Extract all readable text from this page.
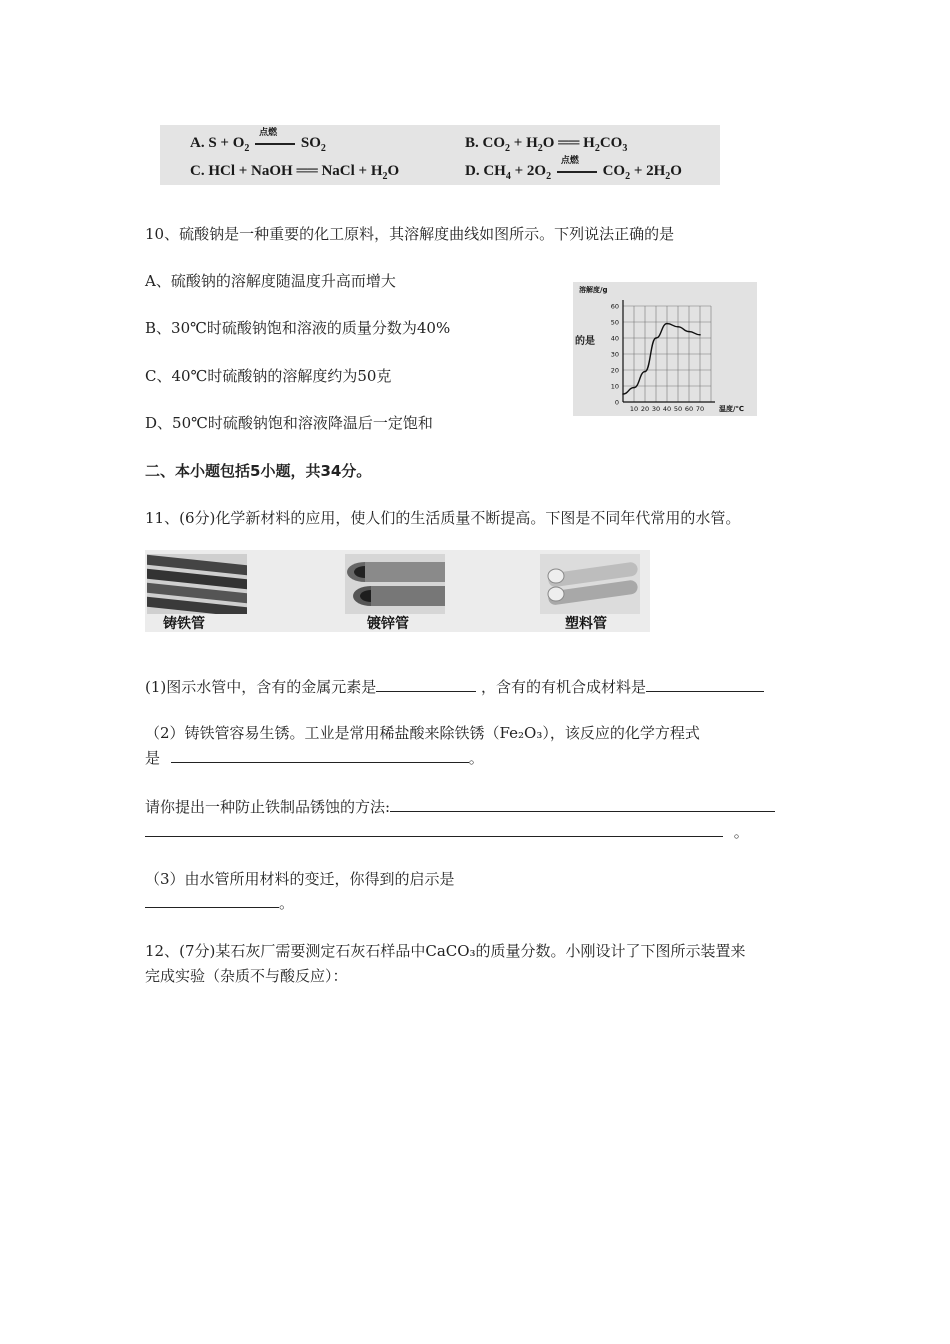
A. $S + O_2$
点燃
$SO_2$	B. $CO_2 + H_2O$ ══ $H_2CO_3$
C. HCl + NaOH ══ NaCl + $H_2O$	D. $CH_4 + 2O_2$
点燃
$CO_2 + 2H_2O$
10、硫酸钠是一种重要的化工原料，其溶解度曲线如图所示。下列说法正确的是
A、硫酸钠的溶解度随温度升高而增大
B、30℃时硫酸钠饱和溶液的质量分数为40%
C、40℃时硫酸钠的溶解度约为50克
D、50℃时硫酸钠饱和溶液降温后一定饱和
0
10
20
30
40
50
60
10 20 30 40 50 60 70
溶解度/g
温度/℃
的是
二、本小题包括5小题，共34分。
11、(6分)化学新材料的应用，使人们的生活质量不断提高。下图是不同年代常用的水管。
铸铁管	镀锌管	塑料管
(1)图示水管中，含有的金属元素是	，含有的有机合成材料是
（2）铸铁管容易生锈。工业是常用稀盐酸来除铁锈（Fe₂O₃），该反应的化学方程式
是	。
请你提出一种防止铁制品锈蚀的方法:
。
（3）由水管所用材料的变迁，你得到的启示是
。
12、(7分)某石灰厂需要测定石灰石样品中CaCO₃的质量分数。小刚设计了下图所示装置来
完成实验（杂质不与酸反应）：
